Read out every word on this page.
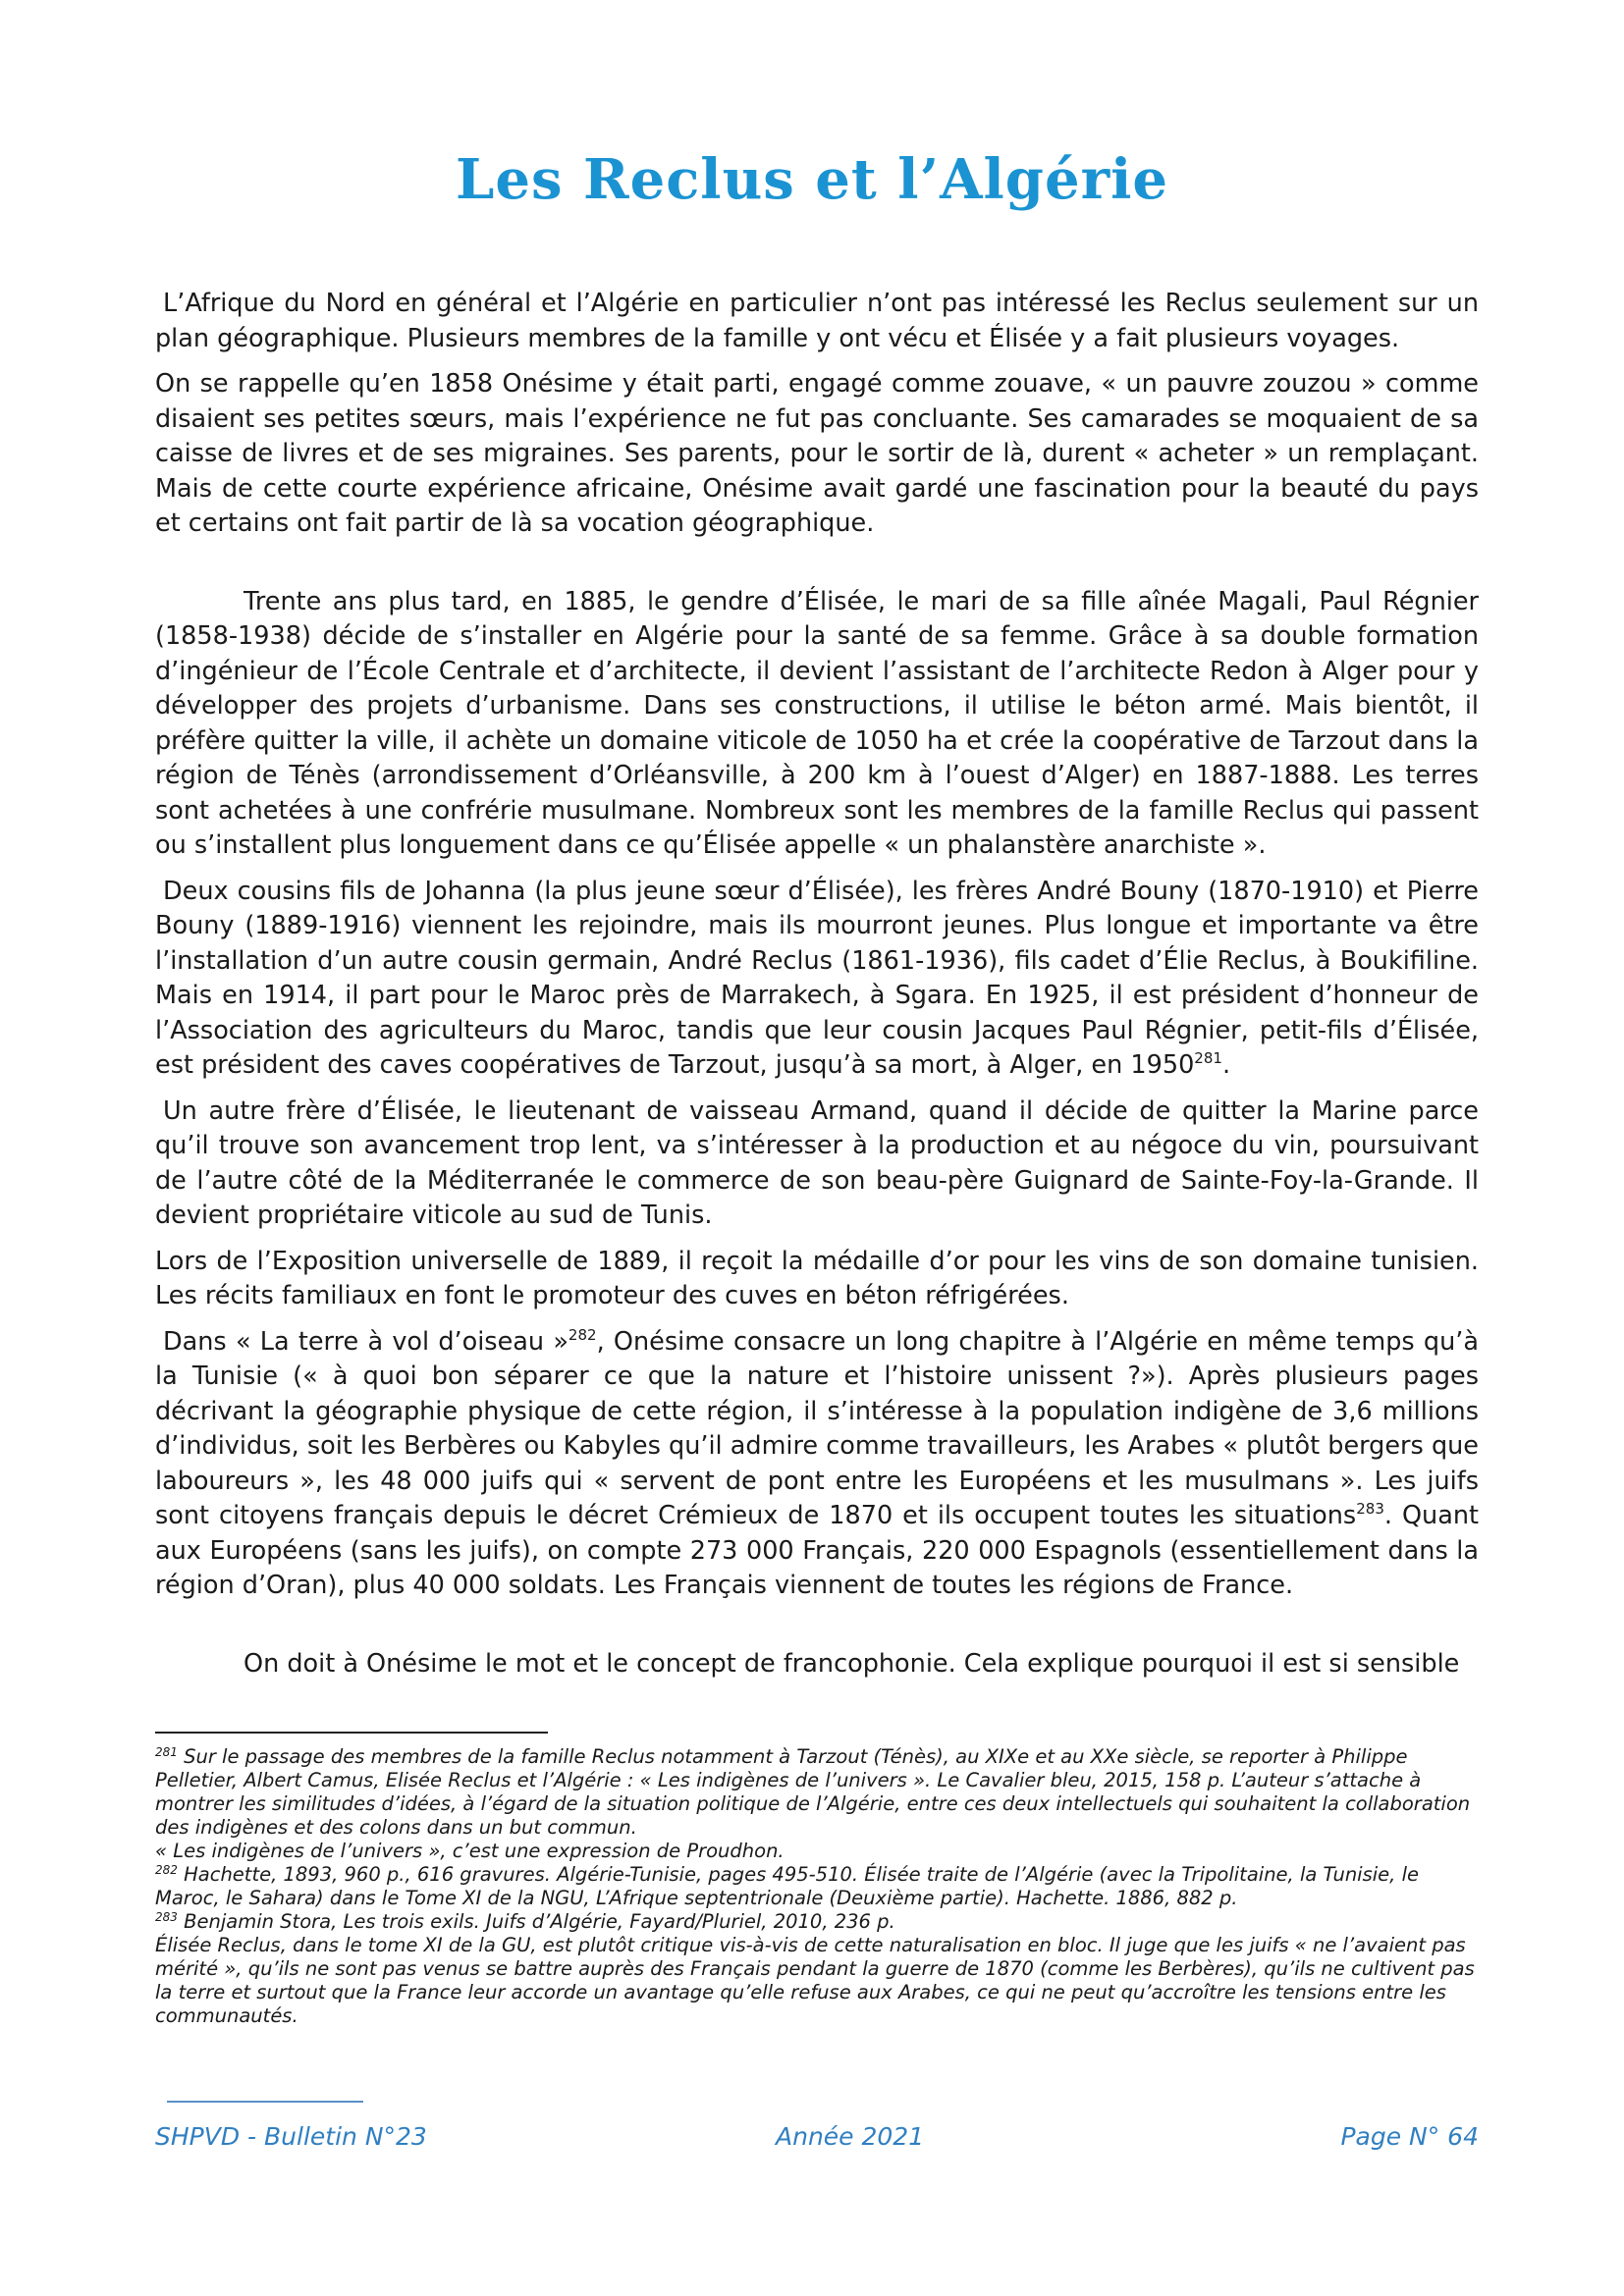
Les Reclus et l’Algérie

L’Afrique du Nord en général et l’Algérie en particulier n’ont pas intéressé les Reclus seulement sur un plan géographique. Plusieurs membres de la famille y ont vécu et Élisée y a fait plusieurs voyages.

On se rappelle qu’en 1858 Onésime y était parti, engagé comme zouave, « un pauvre zouzou » comme disaient ses petites sœurs, mais l’expérience ne fut pas concluante. Ses camarades se moquaient de sa caisse de livres et de ses migraines. Ses parents, pour le sortir de là, durent « acheter » un remplaçant. Mais de cette courte expérience africaine, Onésime avait gardé une fascination pour la beauté du pays et certains ont fait partir de là sa vocation géographique.

Trente ans plus tard, en 1885, le gendre d’Élisée, le mari de sa fille aînée Magali, Paul Régnier (1858-1938) décide de s’installer en Algérie pour la santé de sa femme. Grâce à sa double formation d’ingénieur de l’École Centrale et d’architecte, il devient l’assistant de l’architecte Redon à Alger pour y développer des projets d’urbanisme. Dans ses constructions, il utilise le béton armé. Mais bientôt, il préfère quitter la ville, il achète un domaine viticole de 1050 ha et crée la coopérative de Tarzout dans la région de Ténès (arrondissement d’Orléansville, à 200 km à l’ouest d’Alger) en 1887-1888. Les terres sont achetées à une confrérie musulmane. Nombreux sont les membres de la famille Reclus qui passent ou s’installent plus longuement dans ce qu’Élisée appelle « un phalanstère anarchiste ».

Deux cousins fils de Johanna (la plus jeune sœur d’Élisée), les frères André Bouny (1870-1910) et Pierre Bouny (1889-1916) viennent les rejoindre, mais ils mourront jeunes. Plus longue et importante va être l’installation d’un autre cousin germain, André Reclus (1861-1936), fils cadet d’Élie Reclus, à Boukifiline. Mais en 1914, il part pour le Maroc près de Marrakech, à Sgara. En 1925, il est président d’honneur de l’Association des agriculteurs du Maroc, tandis que leur cousin Jacques Paul Régnier, petit-fils d’Élisée, est président des caves coopératives de Tarzout, jusqu’à sa mort, à Alger, en 1950$^{281}$.

Un autre frère d’Élisée, le lieutenant de vaisseau Armand, quand il décide de quitter la Marine parce qu’il trouve son avancement trop lent, va s’intéresser à la production et au négoce du vin, poursuivant de l’autre côté de la Méditerranée le commerce de son beau-père Guignard de Sainte-Foy-la-Grande. Il devient propriétaire viticole au sud de Tunis.

Lors de l’Exposition universelle de 1889, il reçoit la médaille d’or pour les vins de son domaine tunisien. Les récits familiaux en font le promoteur des cuves en béton réfrigérées.

Dans « La terre à vol d’oiseau »$^{282}$, Onésime consacre un long chapitre à l’Algérie en même temps qu’à la Tunisie (« à quoi bon séparer ce que la nature et l’histoire unissent ?»). Après plusieurs pages décrivant la géographie physique de cette région, il s’intéresse à la population indigène de 3,6 millions d’individus, soit les Berbères ou Kabyles qu’il admire comme travailleurs, les Arabes « plutôt bergers que laboureurs », les 48 000 juifs qui « servent de pont entre les Européens et les musulmans ». Les juifs sont citoyens français depuis le décret Crémieux de 1870 et ils occupent toutes les situations$^{283}$. Quant aux Européens (sans les juifs), on compte 273 000 Français, 220 000 Espagnols (essentiellement dans la région d’Oran), plus 40 000 soldats. Les Français viennent de toutes les régions de France.

On doit à Onésime le mot et le concept de francophonie. Cela explique pourquoi il est si sensible

$^{281}$ Sur le passage des membres de la famille Reclus notamment à Tarzout (Ténès), au XIXe et au XXe siècle, se reporter à Philippe Pelletier, Albert Camus, Elisée Reclus et l’Algérie : « Les indigènes de l’univers ». Le Cavalier bleu, 2015, 158 p. L’auteur s’attache à montrer les similitudes d’idées, à l’égard de la situation politique de l’Algérie, entre ces deux intellectuels qui souhaitent la collaboration des indigènes et des colons dans un but commun.

« Les indigènes de l’univers », c’est une expression de Proudhon.

$^{282}$ Hachette, 1893, 960 p., 616 gravures. Algérie-Tunisie, pages 495-510. Élisée traite de l’Algérie (avec la Tripolitaine, la Tunisie, le Maroc, le Sahara) dans le Tome XI de la NGU, L’Afrique septentrionale (Deuxième partie). Hachette. 1886, 882 p.

$^{283}$ Benjamin Stora, Les trois exils. Juifs d’Algérie, Fayard/Pluriel, 2010, 236 p.

Élisée Reclus, dans le tome XI de la GU, est plutôt critique vis-à-vis de cette naturalisation en bloc. Il juge que les juifs « ne l’avaient pas mérité », qu’ils ne sont pas venus se battre auprès des Français pendant la guerre de 1870 (comme les Berbères), qu’ils ne cultivent pas la terre et surtout que la France leur accorde un avantage qu’elle refuse aux Arabes, ce qui ne peut qu’accroître les tensions entre les communautés.

SHPVD - Bulletin N°23	Année 2021	Page N° 64
